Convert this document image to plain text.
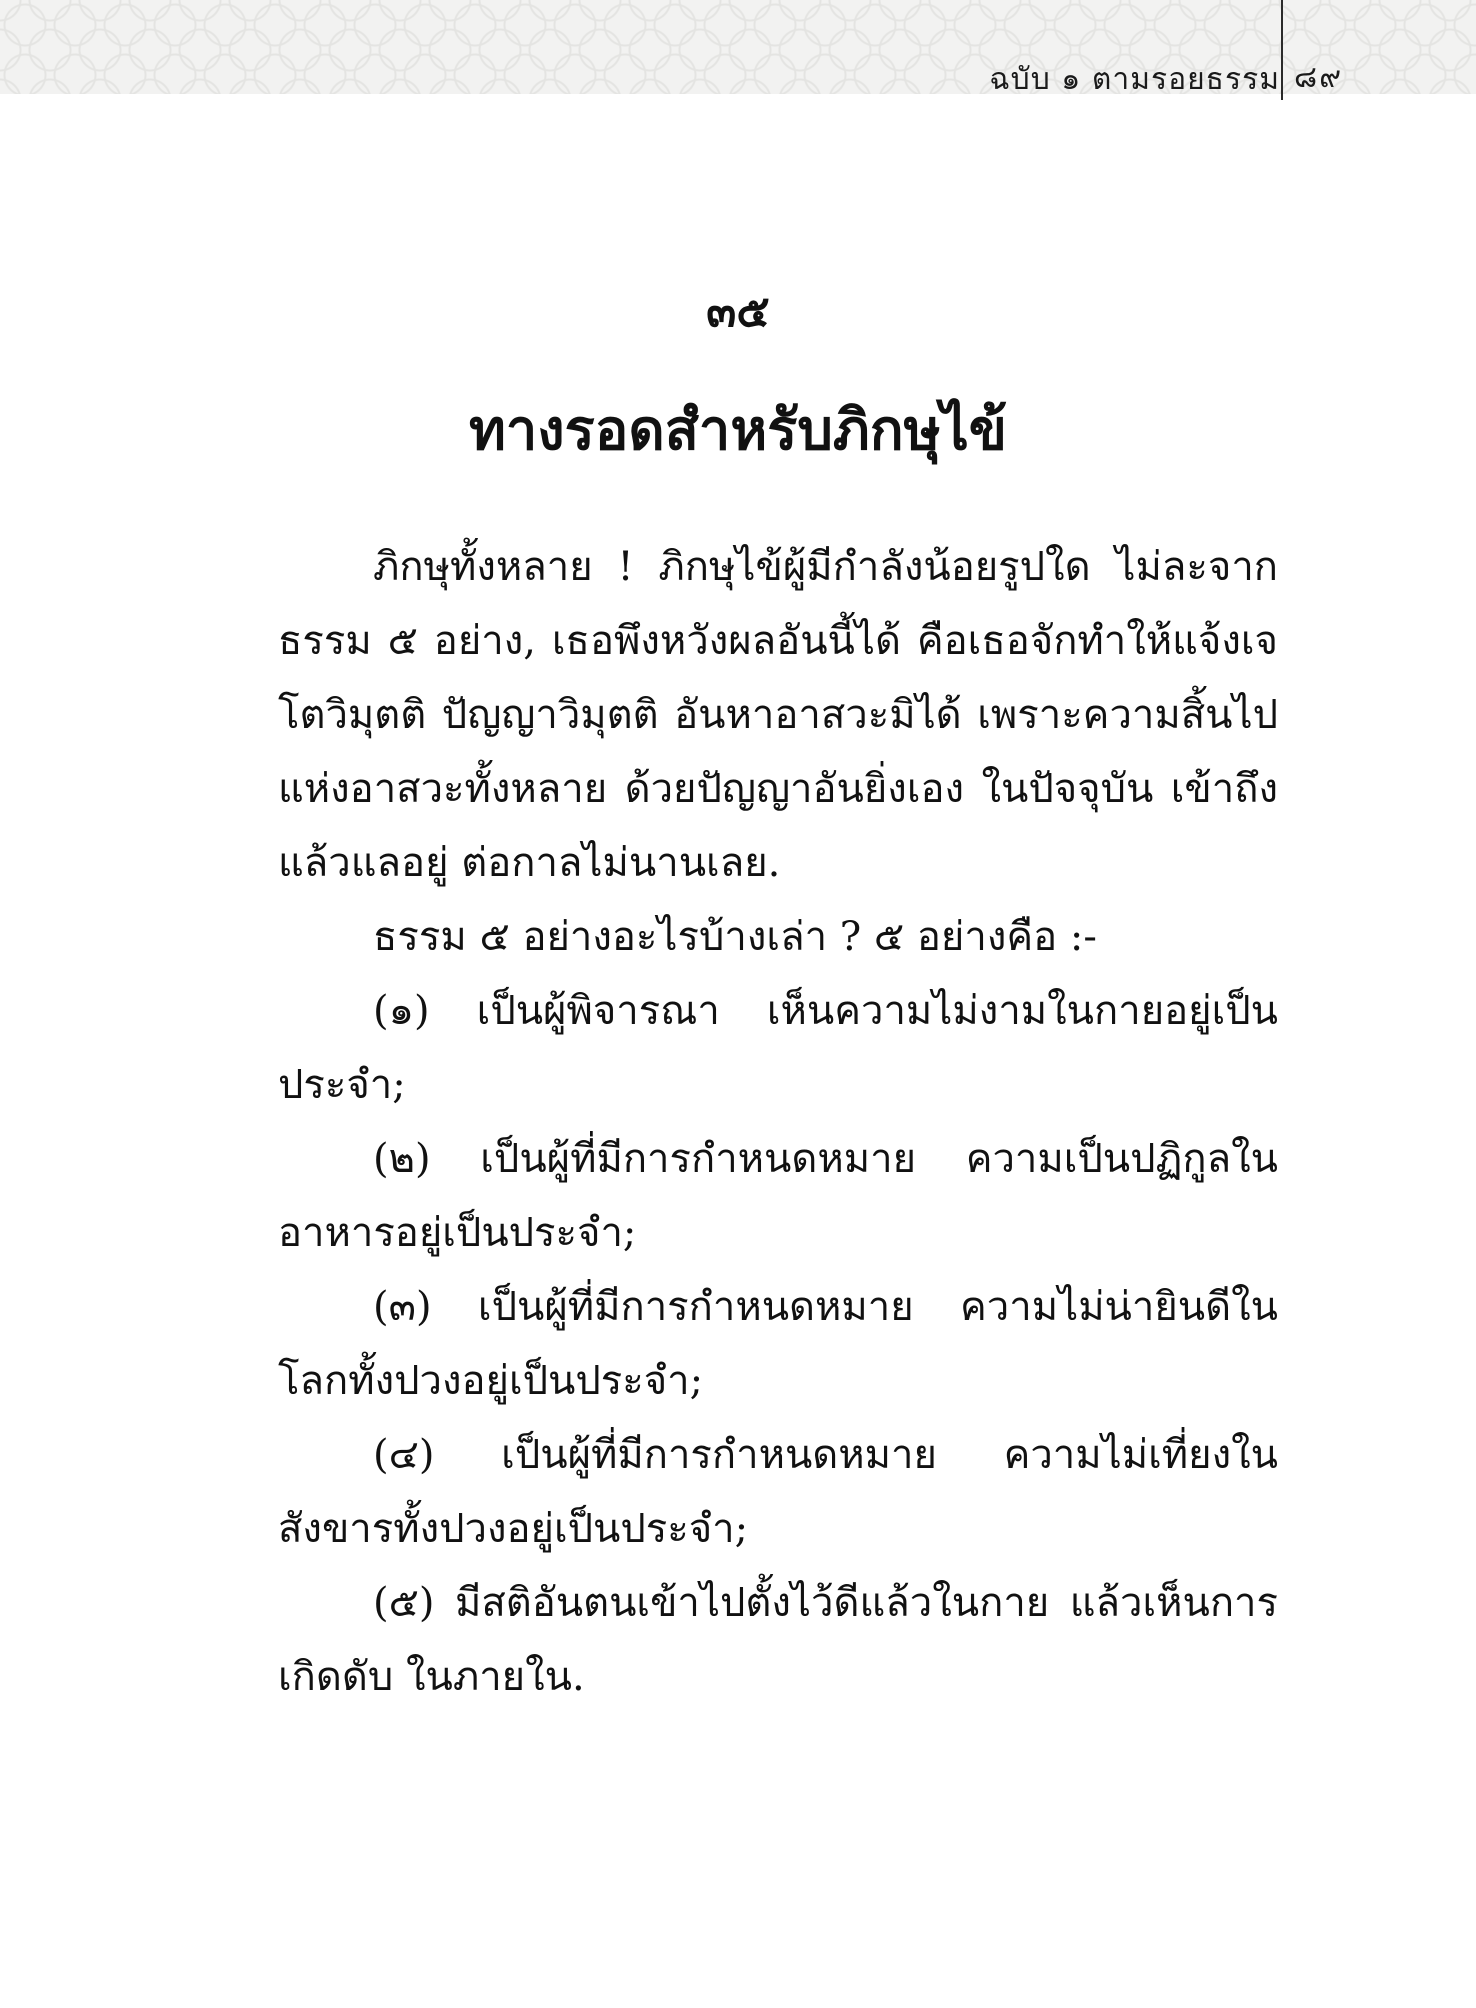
ฉบับ ๑ ตามรอยธรรม ๘๙
๓๕
ทางรอดสำหรับภิกษุไข้

ภิกษุทั้งหลาย ! ภิกษุไข้ผู้มีกำลังน้อยรูปใด ไม่ละจากธรรม ๕ อย่าง, เธอพึงหวังผลอันนี้ได้ คือเธอจักทำให้แจ้งเจโตวิมุตติ ปัญญาวิมุตติ อันหาอาสวะมิได้ เพราะความสิ้นไปแห่งอาสวะทั้งหลาย ด้วยปัญญาอันยิ่งเอง ในปัจจุบัน เข้าถึงแล้วแลอยู่ ต่อกาลไม่นานเลย.

ธรรม ๕ อย่างอะไรบ้างเล่า ? ๕ อย่างคือ :-

(๑) เป็นผู้พิจารณา เห็นความไม่งามในกายอยู่เป็นประจำ;

(๒) เป็นผู้ที่มีการกำหนดหมาย ความเป็นปฏิกูลในอาหารอยู่เป็นประจำ;

(๓) เป็นผู้ที่มีการกำหนดหมาย ความไม่น่ายินดีในโลกทั้งปวงอยู่เป็นประจำ;

(๔) เป็นผู้ที่มีการกำหนดหมาย ความไม่เที่ยงในสังขารทั้งปวงอยู่เป็นประจำ;

(๕) มีสติอันตนเข้าไปตั้งไว้ดีแล้วในกาย แล้วเห็นการเกิดดับ ในภายใน.
